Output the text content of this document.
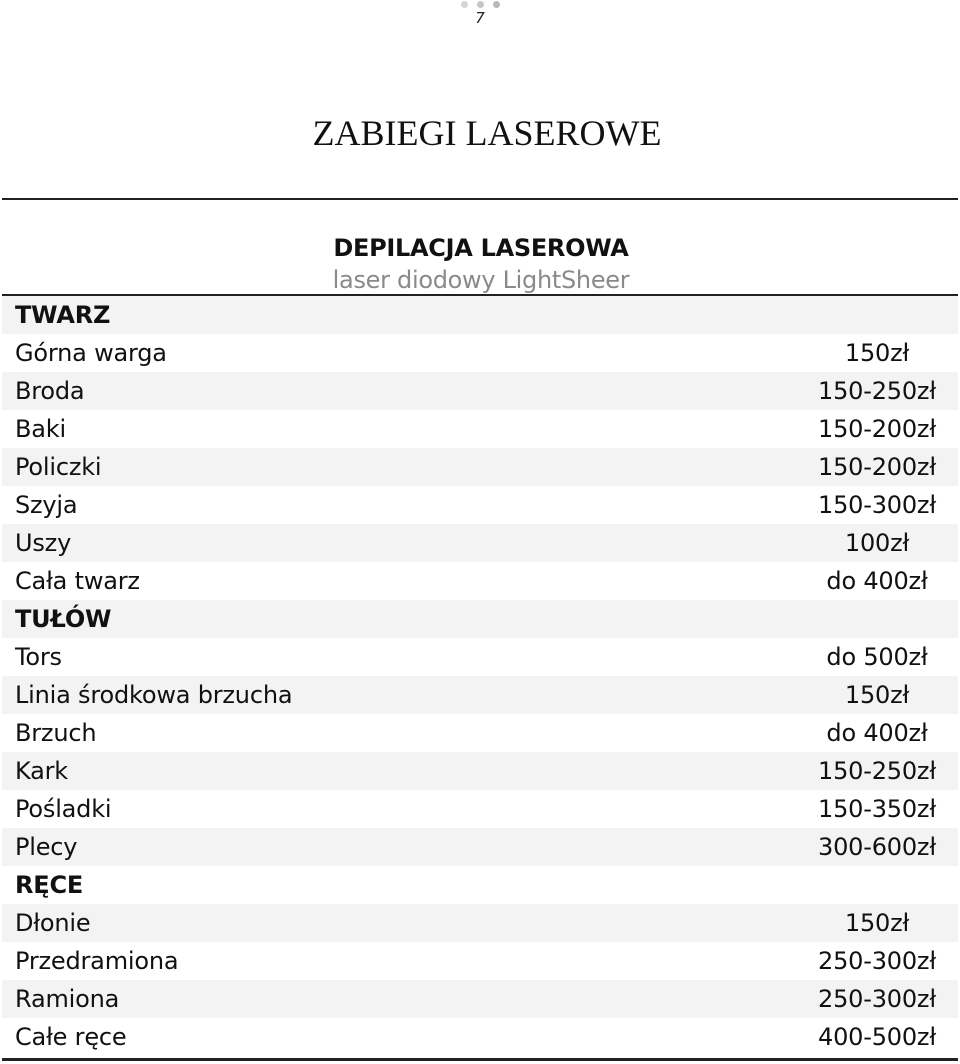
7
ZABIEGI LASEROWE
DEPILACJA LASEROWA
laser diodowy LightSheer
TWARZ
Górna warga	150zł
Broda	150-250zł
Baki	150-200zł
Policzki	150-200zł
Szyja	150-300zł
Uszy	100zł
Cała twarz	do 400zł
TUŁÓW
Tors	do 500zł
Linia środkowa brzucha	150zł
Brzuch	do 400zł
Kark	150-250zł
Pośladki	150-350zł
Plecy	300-600zł
RĘCE
Dłonie	150zł
Przedramiona	250-300zł
Ramiona	250-300zł
Całe ręce	400-500zł
